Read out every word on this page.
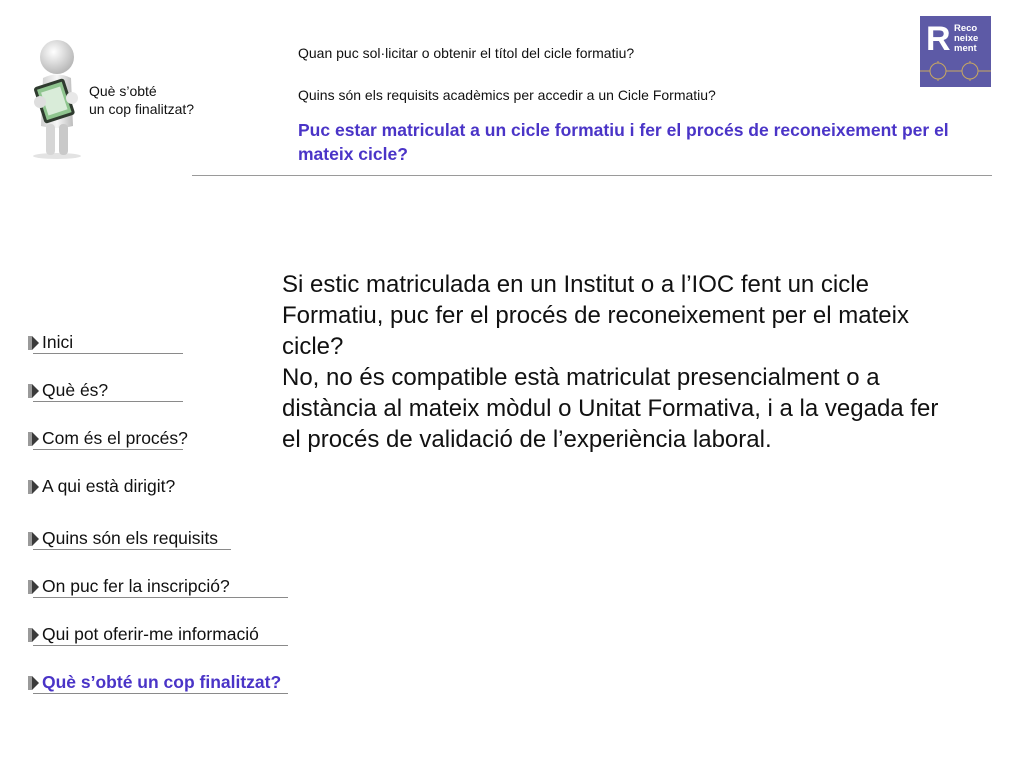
Què s’obté
un cop finalitzat?
Quan puc sol·licitar o obtenir el títol del cicle formatiu?
Quins són els requisits acadèmics per accedir a un Cicle Formatiu?
Puc estar matriculat a un cicle formatiu i fer el procés de reconeixement per el mateix cicle?
R Reco
neixe
ment

Si estic matriculada en un Institut o a l’IOC fent un cicle Formatiu, puc fer el procés de reconeixement per el mateix cicle?

No, no és compatible està matriculat presencialment o a distància al mateix mòdul o Unitat Formativa, i a la vegada fer el procés de validació de l’experiència laboral.

Inici
Què és?
Com és el procés?
A qui està dirigit?
Quins són els requisits
On puc fer la inscripció?
Qui pot oferir-me informació
Què s’obté un cop finalitzat?
